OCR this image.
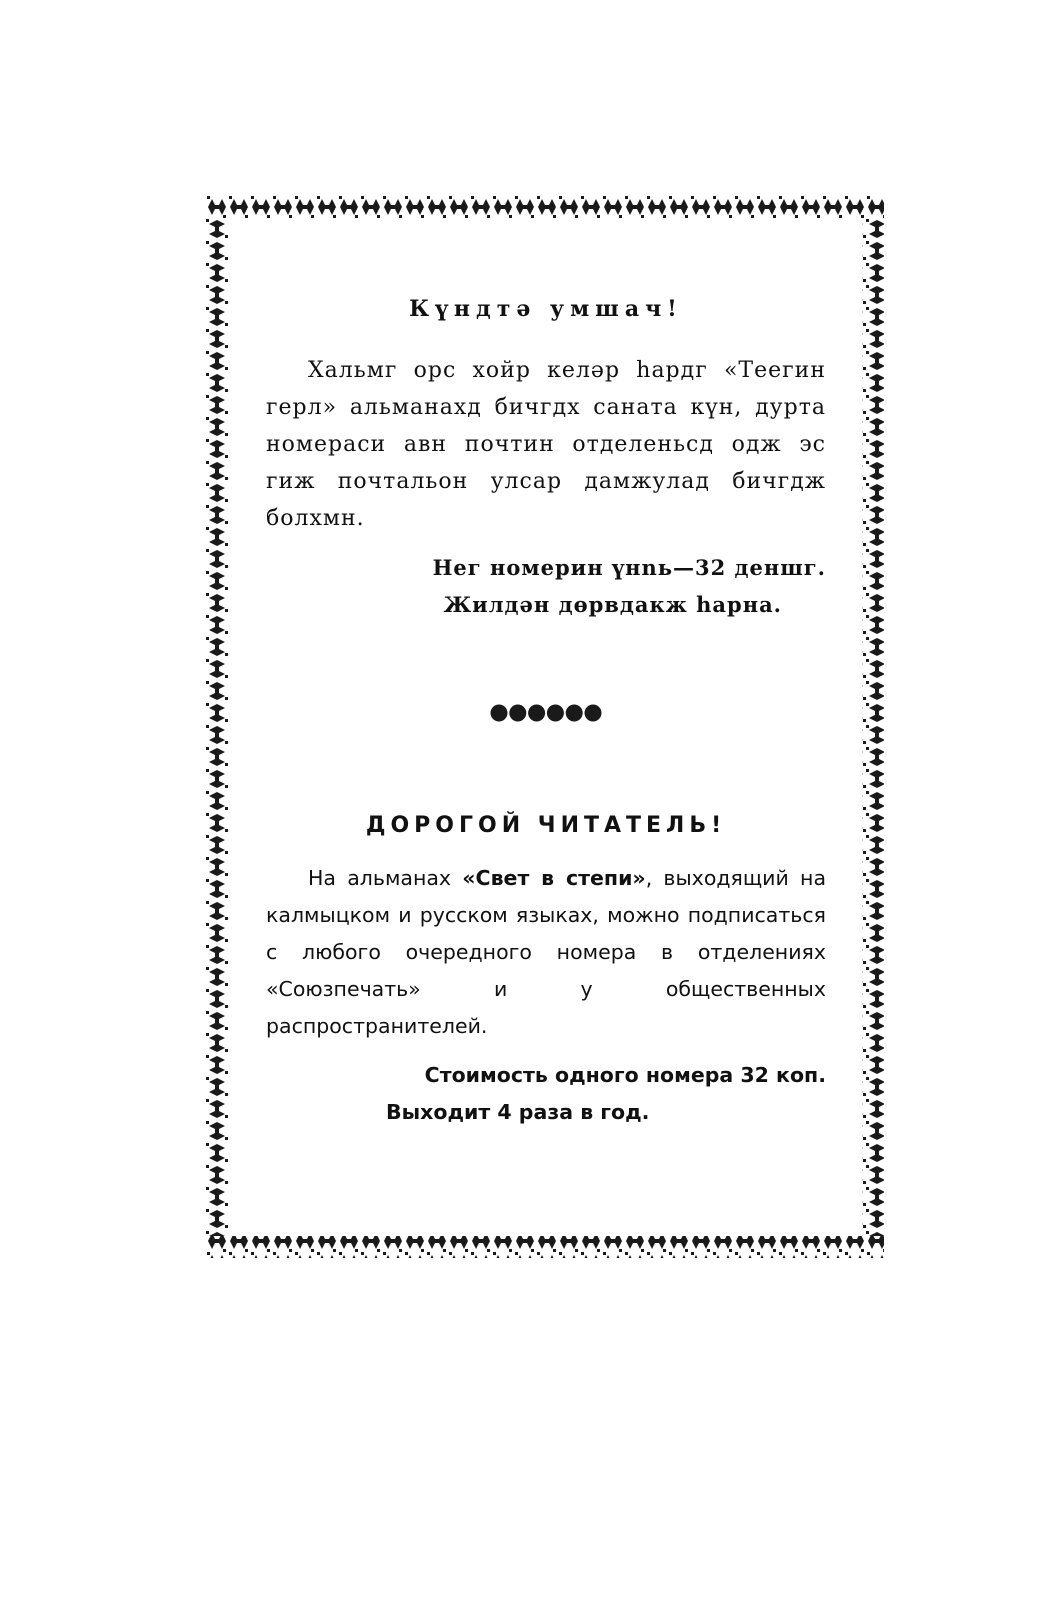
Күндтә умшач!

Хальмг орс хойр келәр һардг «Теегин герл» альманахд бичгдх саната күн, дурта номераси авн почтин отделеньсд одж эс гиж почтальон улсар дамжулад бичгдж болхмн.

Нег номерин үнnь—32 деншг.

Жилдән дөрвдакж һарна.

ДОРОГОЙ ЧИТАТЕЛЬ!

На альманах «Свет в степи», выходящий на калмыцком и русском языках, можно подписаться с любого очередного номера в отделениях «Союзпечать» и у общественных распространителей.

Стоимость одного номера 32 коп.

Выходит 4 раза в год.
